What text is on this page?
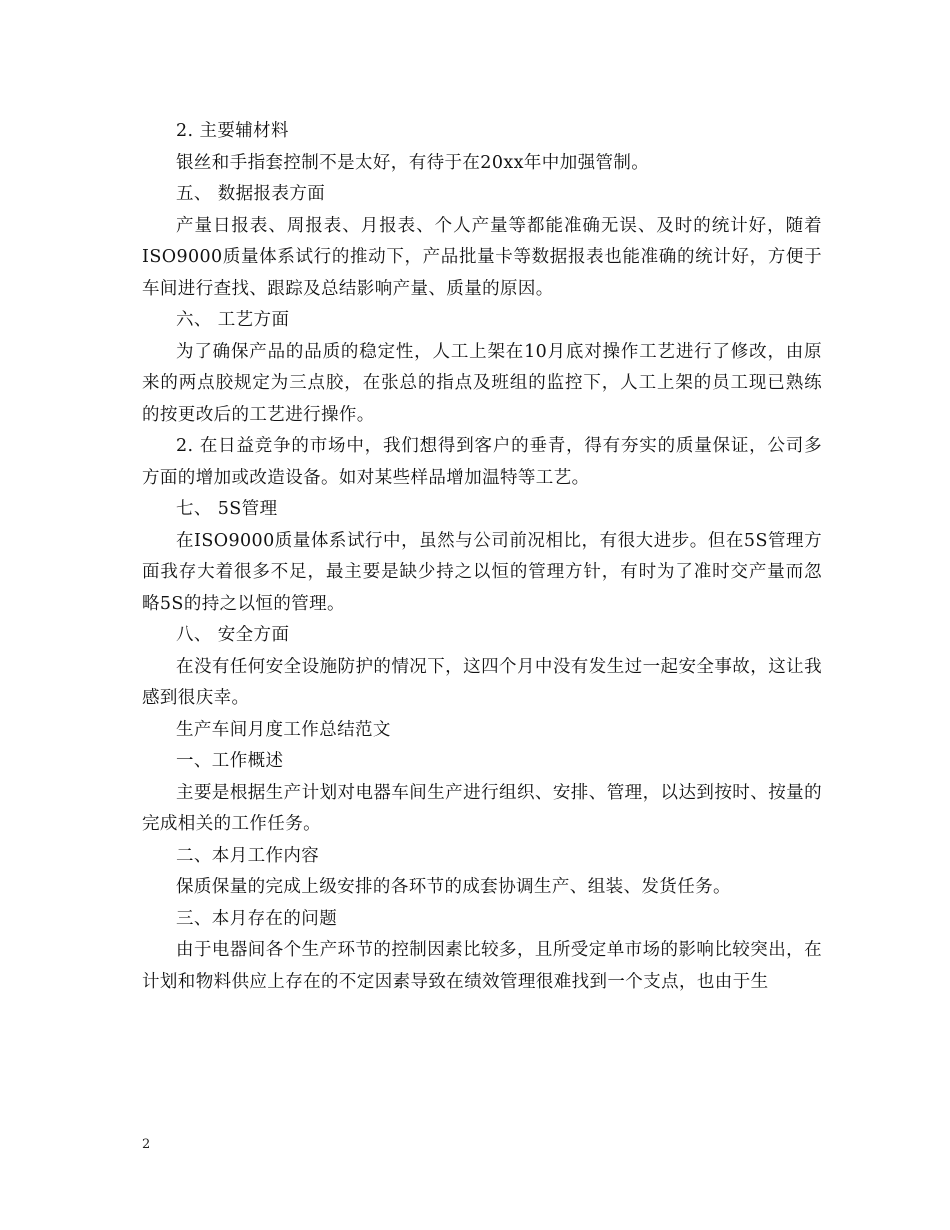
2. 主要辅材料

银丝和手指套控制不是太好，有待于在20xx年中加强管制。

五、 数据报表方面

产量日报表、周报表、月报表、个人产量等都能准确无误、及时的统计好，随着ISO9000质量体系试行的推动下，产品批量卡等数据报表也能准确的统计好，方便于车间进行查找、跟踪及总结影响产量、质量的原因。

六、 工艺方面

为了确保产品的品质的稳定性，人工上架在10月底对操作工艺进行了修改，由原来的两点胶规定为三点胶，在张总的指点及班组的监控下，人工上架的员工现已熟练的按更改后的工艺进行操作。

2. 在日益竞争的市场中，我们想得到客户的垂青，得有夯实的质量保证，公司多方面的增加或改造设备。如对某些样品增加温特等工艺。

七、 5S管理

在ISO9000质量体系试行中，虽然与公司前况相比，有很大进步。但在5S管理方面我存大着很多不足，最主要是缺少持之以恒的管理方针，有时为了准时交产量而忽略5S的持之以恒的管理。

八、 安全方面

在没有任何安全设施防护的情况下，这四个月中没有发生过一起安全事故，这让我感到很庆幸。

生产车间月度工作总结范文

一、工作概述

主要是根据生产计划对电器车间生产进行组织、安排、管理，以达到按时、按量的完成相关的工作任务。

二、本月工作内容

保质保量的完成上级安排的各环节的成套协调生产、组装、发货任务。

三、本月存在的问题

由于电器间各个生产环节的控制因素比较多，且所受定单市场的影响比较突出，在计划和物料供应上存在的不定因素导致在绩效管理很难找到一个支点，也由于生

2
